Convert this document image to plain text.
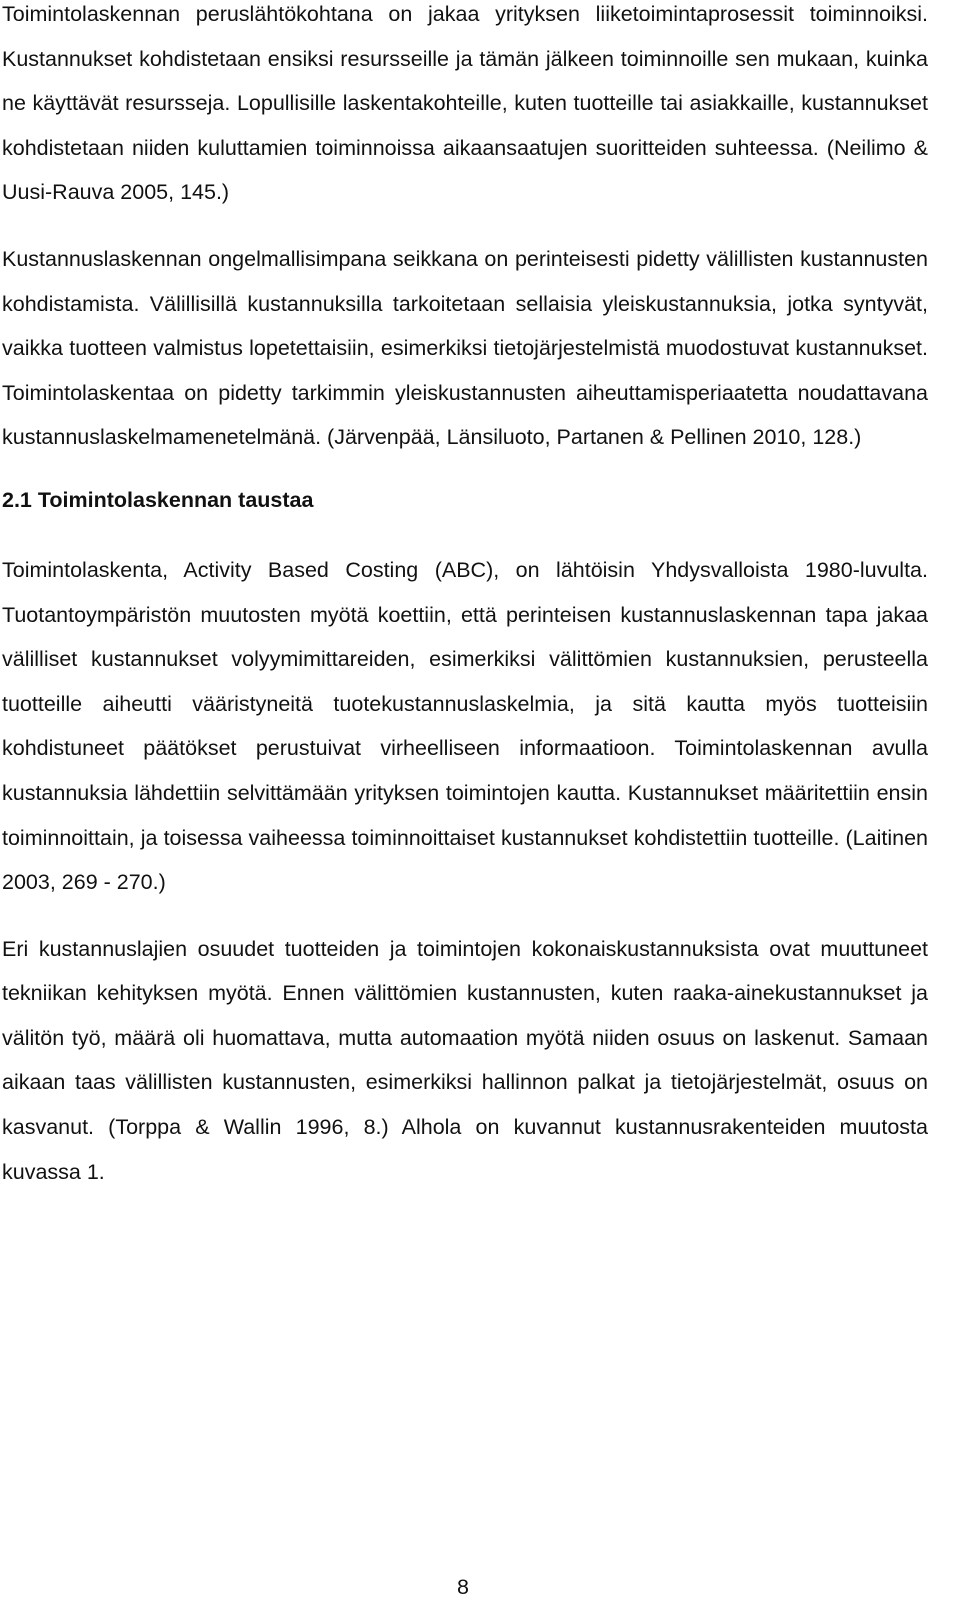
Toimintolaskennan peruslähtökohtana on jakaa yrityksen liiketoimintaprosessit toiminnoiksi. Kustannukset kohdistetaan ensiksi resursseille ja tämän jälkeen toiminnoille sen mukaan, kuinka ne käyttävät resursseja. Lopullisille laskentakohteille, kuten tuotteille tai asiakkaille, kustannukset kohdistetaan niiden kuluttamien toiminnoissa aikaansaatujen suoritteiden suhteessa. (Neilimo & Uusi-Rauva 2005, 145.)

Kustannuslaskennan ongelmallisimpana seikkana on perinteisesti pidetty välillisten kustannusten kohdistamista. Välillisillä kustannuksilla tarkoitetaan sellaisia yleiskustannuksia, jotka syntyvät, vaikka tuotteen valmistus lopetettaisiin, esimerkiksi tietojärjestelmistä muodostuvat kustannukset. Toimintolaskentaa on pidetty tarkimmin yleiskustannusten aiheuttamisperiaatetta noudattavana kustannuslaskelmamenetelmänä. (Järvenpää, Länsiluoto, Partanen & Pellinen 2010, 128.)

2.1 Toimintolaskennan taustaa

Toimintolaskenta, Activity Based Costing (ABC), on lähtöisin Yhdysvalloista 1980-luvulta. Tuotantoympäristön muutosten myötä koettiin, että perinteisen kustannuslaskennan tapa jakaa välilliset kustannukset volyymimittareiden, esimerkiksi välittömien kustannuksien, perusteella tuotteille aiheutti vääristyneitä tuotekustannuslaskelmia, ja sitä kautta myös tuotteisiin kohdistuneet päätökset perustuivat virheelliseen informaatioon. Toimintolaskennan avulla kustannuksia lähdettiin selvittämään yrityksen toimintojen kautta. Kustannukset määritettiin ensin toiminnoittain, ja toisessa vaiheessa toiminnoittaiset kustannukset kohdistettiin tuotteille. (Laitinen 2003, 269 - 270.)

Eri kustannuslajien osuudet tuotteiden ja toimintojen kokonaiskustannuksista ovat muuttuneet tekniikan kehityksen myötä. Ennen välittömien kustannusten, kuten raaka-ainekustannukset ja välitön työ, määrä oli huomattava, mutta automaation myötä niiden osuus on laskenut. Samaan aikaan taas välillisten kustannusten, esimerkiksi hallinnon palkat ja tietojärjestelmät, osuus on kasvanut. (Torppa & Wallin 1996, 8.) Alhola on kuvannut kustannusrakenteiden muutosta kuvassa 1.

8
